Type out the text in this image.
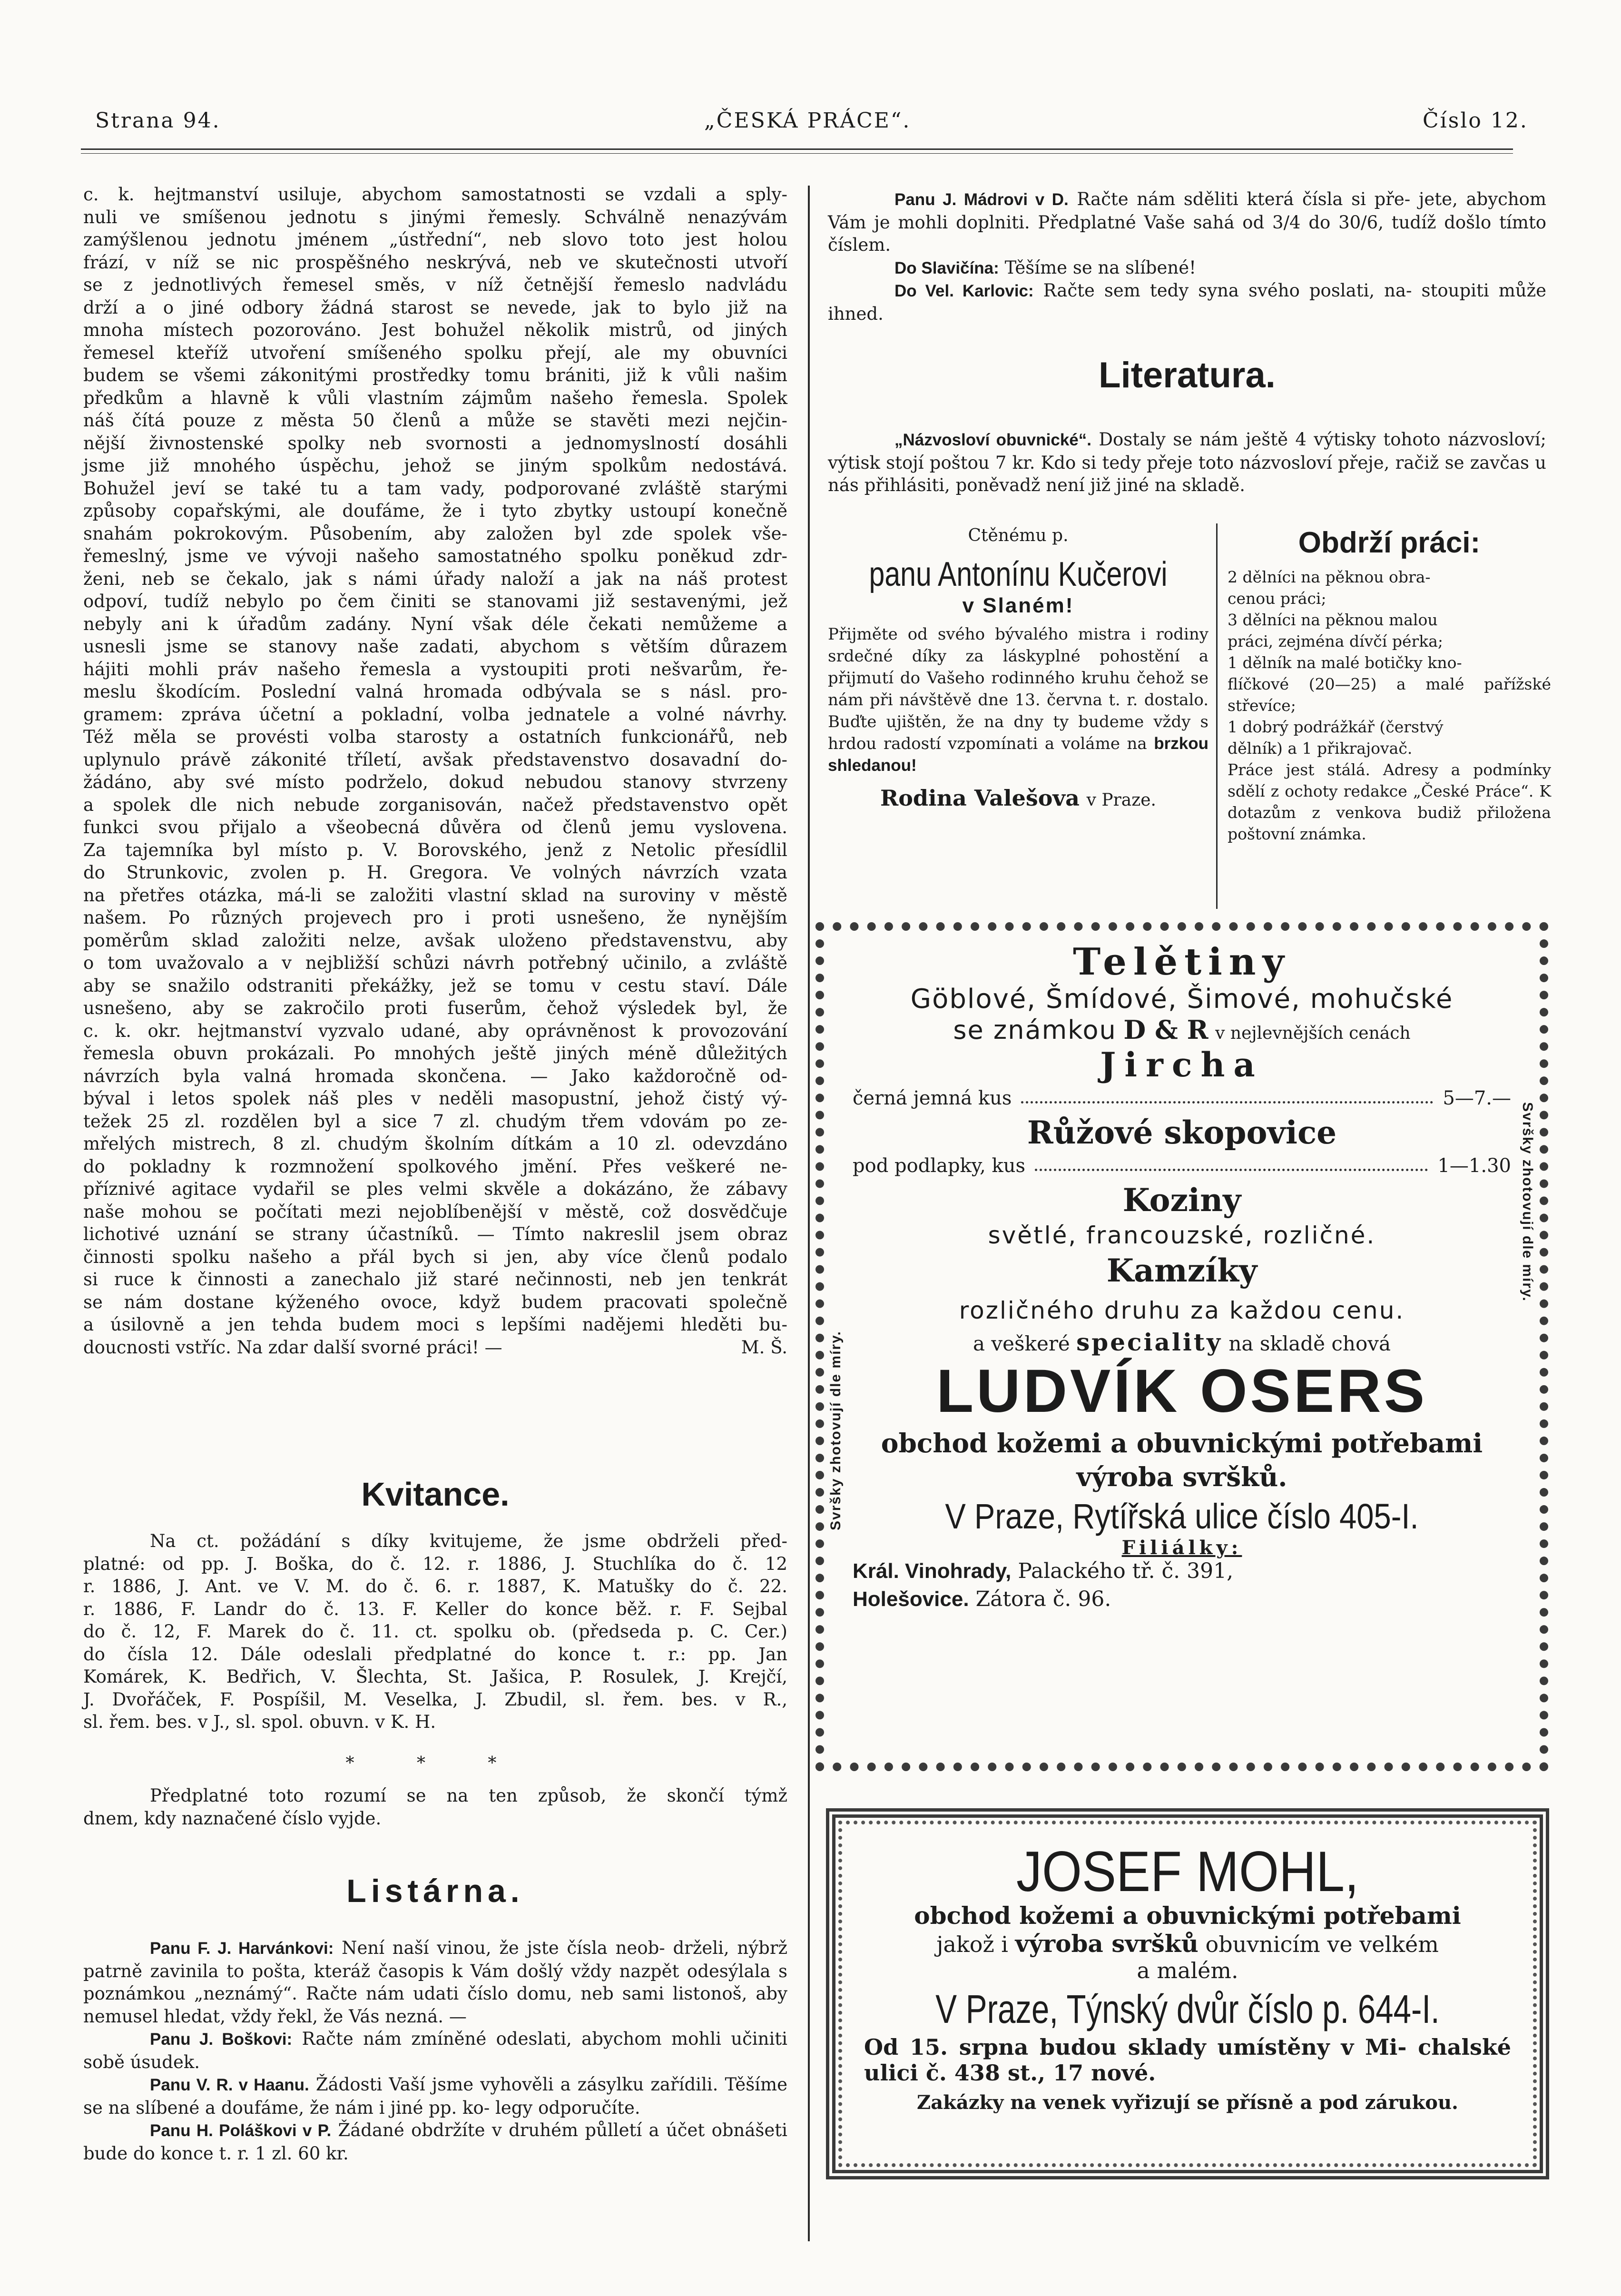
Strana 94.	„ČESKÁ PRÁCE“.	Číslo 12.
c. k. hejtmanství usiluje, abychom samostatnosti se vzdali a sply-
nuli ve smíšenou jednotu s jinými řemesly. Schválně nenazývám
zamýšlenou jednotu jménem „ústřední“, neb slovo toto jest holou
frází, v níž se nic prospěšného neskrývá, neb ve skutečnosti utvoří
se z jednotlivých řemesel směs, v níž četnější řemeslo nadvládu
drží a o jiné odbory žádná starost se nevede, jak to bylo již na
mnoha místech pozorováno. Jest bohužel několik mistrů, od jiných
řemesel kteříž utvoření smíšeného spolku přejí, ale my obuvníci
budem se všemi zákonitými prostředky tomu brániti, již k vůli našim
předkům a hlavně k vůli vlastním zájmům našeho řemesla. Spolek
náš čítá pouze z města 50 členů a může se stavěti mezi nejčin-
nější živnostenské spolky neb svornosti a jednomyslností dosáhli
jsme již mnohého úspěchu, jehož se jiným spolkům nedostává.
Bohužel jeví se také tu a tam vady, podporované zvláště starými
způsoby copařskými, ale doufáme, že i tyto zbytky ustoupí konečně
snahám pokrokovým. Působením, aby založen byl zde spolek vše-
řemeslný, jsme ve vývoji našeho samostatného spolku poněkud zdr-
ženi, neb se čekalo, jak s námi úřady naloží a jak na náš protest
odpoví, tudíž nebylo po čem činiti se stanovami již sestavenými, jež
nebyly ani k úřadům zadány. Nyní však déle čekati nemůžeme a
usnesli jsme se stanovy naše zadati, abychom s větším důrazem
hájiti mohli práv našeho řemesla a vystoupiti proti nešvarům, ře-
meslu škodícím. Poslední valná hromada odbývala se s násl. pro-
gramem: zpráva účetní a pokladní, volba jednatele a volné návrhy.
Též měla se provésti volba starosty a ostatních funkcionářů, neb
uplynulo právě zákonité tříletí, avšak představenstvo dosavadní do-
žádáno, aby své místo podrželo, dokud nebudou stanovy stvrzeny
a spolek dle nich nebude zorganisován, načež představenstvo opět
funkci svou přijalo a všeobecná důvěra od členů jemu vyslovena.
Za tajemníka byl místo p. V. Borovského, jenž z Netolic přesídlil
do Strunkovic, zvolen p. H. Gregora. Ve volných návrzích vzata
na přetřes otázka, má-li se založiti vlastní sklad na suroviny v městě
našem. Po různých projevech pro i proti usnešeno, že nynějším
poměrům sklad založiti nelze, avšak uloženo představenstvu, aby
o tom uvažovalo a v nejbližší schůzi návrh potřebný učinilo, a zvláště
aby se snažilo odstraniti překážky, jež se tomu v cestu staví. Dále
usnešeno, aby se zakročilo proti fuserům, čehož výsledek byl, že
c. k. okr. hejtmanství vyzvalo udané, aby oprávněnost k provozování
řemesla obuvn prokázali. Po mnohých ještě jiných méně důležitých
návrzích byla valná hromada skončena. — Jako každoročně od-
býval i letos spolek náš ples v neděli masopustní, jehož čistý vý-
težek 25 zl. rozdělen byl a sice 7 zl. chudým třem vdovám po ze-
mřelých mistrech, 8 zl. chudým školním dítkám a 10 zl. odevzdáno
do pokladny k rozmnožení spolkového jmění. Přes veškeré ne-
příznivé agitace vydařil se ples velmi skvěle a dokázáno, že zábavy
naše mohou se počítati mezi nejoblíbenější v městě, což dosvědčuje
lichotivé uznání se strany účastníků. — Tímto nakreslil jsem obraz
činnosti spolku našeho a přál bych si jen, aby více členů podalo
si ruce k činnosti a zanechalo již staré nečinnosti, neb jen tenkrát
se nám dostane kýženého ovoce, když budem pracovati společně
a úsilovně a jen tehda budem moci s lepšími nadějemi hleděti bu-
doucnosti vstříc. Na zdar další svorné práci! —	M. Š.
Kvitance.
Na ct. požádání s díky kvitujeme, že jsme obdrželi před-
platné: od pp. J. Boška, do č. 12. r. 1886, J. Stuchlíka do č. 12
r. 1886, J. Ant. ve V. M. do č. 6. r. 1887, K. Matušky do č. 22.
r. 1886, F. Landr do č. 13. F. Keller do konce běž. r. F. Sejbal
do č. 12, F. Marek do č. 11. ct. spolku ob. (předseda p. C. Cer.)
do čísla 12. Dále odeslali předplatné do konce t. r.: pp. Jan
Komárek, K. Bedřich, V. Šlechta, St. Jašica, P. Rosulek, J. Krejčí,
J. Dvořáček, F. Pospíšil, M. Veselka, J. Zbudil, sl. řem. bes. v R.,
sl. řem. bes. v J., sl. spol. obuvn. v K. H.
* * *
Předplatné toto rozumí se na ten způsob, že skončí týmž
dnem, kdy naznačené číslo vyjde.
Listárna.

Panu F. J. Harvánkovi: Není naší vinou, že jste čísla neob- drželi, nýbrž patrně zavinila to pošta, kteráž časopis k Vám došlý vždy nazpět odesýlala s poznámkou „neznámý“. Račte nám udati číslo domu, neb sami listonoš, aby nemusel hledat, vždy řekl, že Vás nezná. —

Panu J. Boškovi: Račte nám zmíněné odeslati, abychom mohli učiniti sobě úsudek.

Panu V. R. v Haanu. Žádosti Vaší jsme vyhověli a zásylku zařídili. Těšíme se na slíbené a doufáme, že nám i jiné pp. ko- legy odporučíte.

Panu H. Poláškovi v P. Žádané obdržíte v druhém půlletí a účet obnášeti bude do konce t. r. 1 zl. 60 kr.

Panu J. Mádrovi v D. Račte nám sděliti která čísla si pře- jete, abychom Vám je mohli doplniti. Předplatné Vaše sahá od 3/4 do 30/6, tudíž došlo tímto číslem.

Do Slavičína: Těšíme se na slíbené!

Do Vel. Karlovic: Račte sem tedy syna svého poslati, na- stoupiti může ihned.

Literatura.

„Názvosloví obuvnické“. Dostaly se nám ještě 4 výtisky tohoto názvosloví; výtisk stojí poštou 7 kr. Kdo si tedy přeje toto názvosloví přeje, račiž se zavčas u nás přihlásiti, poněvadž není již jiné na skladě.

Ctěnému p.
panu Antonínu Kučerovi
v Slaném!
Přijměte od svého bývalého mistra i rodiny srdečné díky za láskyplné pohostění a přijmutí do Vašeho rodinného kruhu čehož se nám při návštěvě dne 13. června t. r. dostalo. Buďte ujištěn, že na dny ty budeme vždy s hrdou radostí vzpomínati a voláme na brzkou shledanou!
Rodina Valešova v Praze.
Obdrží práci:
2 dělníci na pěknou obra-
cenou práci;
3 dělníci na pěknou malou
práci, zejména dívčí pérka;
1 dělník na malé botičky kno-
flíčkové (20—25) a malé pařížské střevíce;
1 dobrý podrážkář (čerstvý
dělník) a 1 přikrajovač.
Práce jest stálá. Adresy a podmínky sdělí z ochoty redakce „České Práce“. K dotazům z venkova budiž přiložena poštovní známka.
Svršky zhotovují dle míry.
Svršky zhotovují dle míry.
Telětiny
Göblové, Šmídové, Šimové, mohučské
se známkou D & R v nejlevnějších cenách
Jircha
černá jemná kus	5—7.—
Růžové skopovice
pod podlapky, kus	1—1.30
Koziny
světlé, francouzské, rozličné.
Kamzíky
rozličného druhu za každou cenu.
a veškeré speciality na skladě chová
LUDVÍK OSERS
obchod kožemi a obuvnickými potřebami
výroba svršků.
V Praze, Rytířská ulice číslo 405-I.
Filiálky:
Král. Vinohrady, Palackého tř. č. 391,
Holešovice. Zátora č. 96.
JOSEF MOHL,
obchod kožemi a obuvnickými potřebami
jakož i výroba svršků obuvnicím ve velkém
a malém.
V Praze, Týnský dvůr číslo p. 644-I.
Od 15. srpna budou sklady umístěny v Mi- chalské ulici č. 438 st., 17 nové.
Zakázky na venek vyřizují se přísně a pod zárukou.
